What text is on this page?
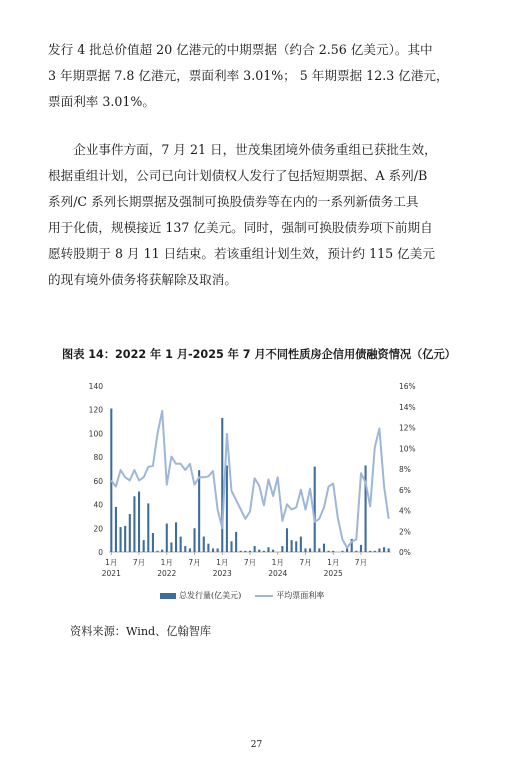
发行 4 批总价值超 20 亿港元的中期票据（约合 2.56 亿美元）。其中
3 年期票据 7.8 亿港元，票面利率 3.01%； 5 年期票据 12.3 亿港元，
票面利率 3.01%。

　　企业事件方面，7 月 21 日，世茂集团境外债务重组已获批生效，
根据重组计划，公司已向计划债权人发行了包括短期票据、A 系列/B
系列/C 系列长期票据及强制可换股债券等在内的一系列新债务工具
用于化债，规模接近 137 亿美元。同时，强制可换股债券项下前期自
愿转股期于 8 月 11 日结束。若该重组计划生效，预计约 115 亿美元
的现有境外债务将获解除及取消。

图表 14：2022 年 1 月-2025 年 7 月不同性质房企信用债融资情况（亿元）
0
20
40
60
80
100
120
140
0%
2%
4%
6%
8%
10%
12%
14%
16%
1月
2021
7月 1月
2022
7月 1月
2023
7月 1月
2024
7月 1月
2025
7月
总发行量(亿美元)	平均票面利率
资料来源：Wind、亿翰智库
27
